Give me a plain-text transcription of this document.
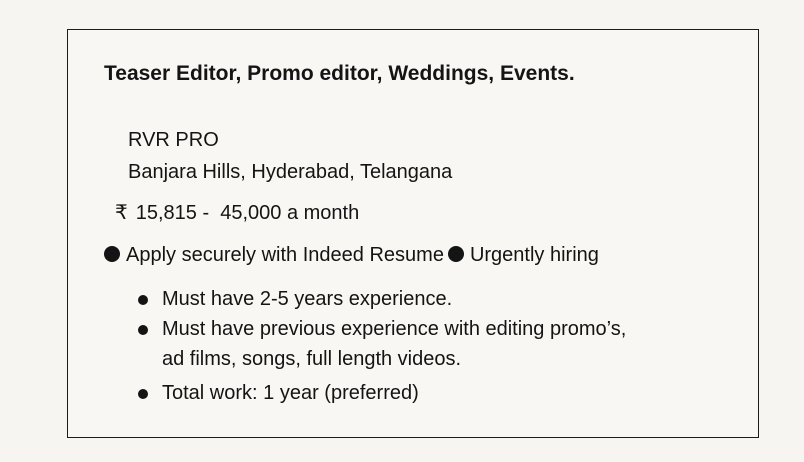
Teaser Editor, Promo editor, Weddings, Events.
RVR PRO
Banjara Hills, Hyderabad, Telangana
₹ 15,815 -  45,000 a month
Apply securely with Indeed Resume Urgently hiring
Must have 2-5 years experience.
Must have previous experience with editing promo’s,
ad films, songs, full length videos.
Total work: 1 year (preferred)
